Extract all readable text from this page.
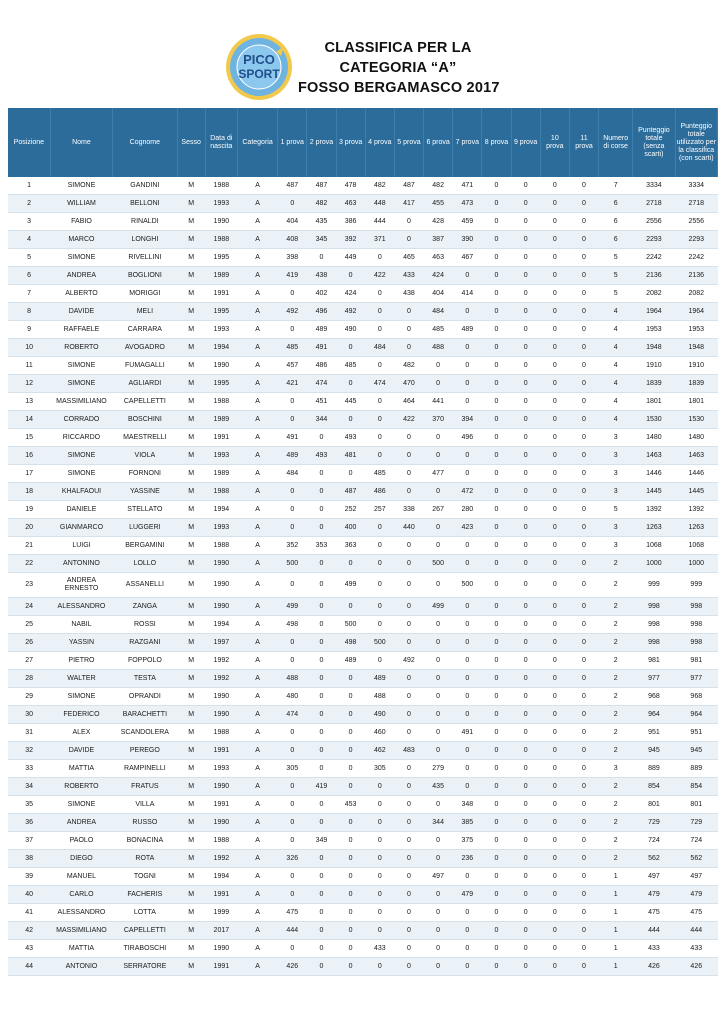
PICO
SPORT
CLASSIFICA PER LA
CATEGORIA “A”
FOSSO BERGAMASCO 2017
Posizione	Nome	Cognome	Sesso	Data di nascita	Categoria	1 prova	2 prova	3 prova	4 prova	5 prova	6 prova	7 prova	8 prova	9 prova	10 prova	11 prova	Numero di corse	Punteggio totale (senza scarti)	Punteggio totale utilizzato per la classifica (con scarti)
1	SIMONE	GANDINI	M	1988	A	487	487	478	482	487	482	471	0	0	0	0	7	3334	3334
2	WILLIAM	BELLONI	M	1993	A	0	482	463	448	417	455	473	0	0	0	0	6	2718	2718
3	FABIO	RINALDI	M	1990	A	404	435	386	444	0	428	459	0	0	0	0	6	2556	2556
4	MARCO	LONGHI	M	1988	A	408	345	392	371	0	387	390	0	0	0	0	6	2293	2293
5	SIMONE	RIVELLINI	M	1995	A	398	0	449	0	465	463	467	0	0	0	0	5	2242	2242
6	ANDREA	BOGLIONI	M	1989	A	419	438	0	422	433	424	0	0	0	0	0	5	2136	2136
7	ALBERTO	MORIGGI	M	1991	A	0	402	424	0	438	404	414	0	0	0	0	5	2082	2082
8	DAVIDE	MELI	M	1995	A	492	496	492	0	0	484	0	0	0	0	0	4	1964	1964
9	RAFFAELE	CARRARA	M	1993	A	0	489	490	0	0	485	489	0	0	0	0	4	1953	1953
10	ROBERTO	AVOGADRO	M	1994	A	485	491	0	484	0	488	0	0	0	0	0	4	1948	1948
11	SIMONE	FUMAGALLI	M	1990	A	457	486	485	0	482	0	0	0	0	0	0	4	1910	1910
12	SIMONE	AGLIARDI	M	1995	A	421	474	0	474	470	0	0	0	0	0	0	4	1839	1839
13	MASSIMILIANO	CAPELLETTI	M	1988	A	0	451	445	0	464	441	0	0	0	0	0	4	1801	1801
14	CORRADO	BOSCHINI	M	1989	A	0	344	0	0	422	370	394	0	0	0	0	4	1530	1530
15	RICCARDO	MAESTRELLI	M	1991	A	491	0	493	0	0	0	496	0	0	0	0	3	1480	1480
16	SIMONE	VIOLA	M	1993	A	489	493	481	0	0	0	0	0	0	0	0	3	1463	1463
17	SIMONE	FORNONI	M	1989	A	484	0	0	485	0	477	0	0	0	0	0	3	1446	1446
18	KHALFAOUI	YASSINE	M	1988	A	0	0	487	486	0	0	472	0	0	0	0	3	1445	1445
19	DANIELE	STELLATO	M	1994	A	0	0	252	257	338	267	280	0	0	0	0	5	1392	1392
20	GIANMARCO	LUGGERI	M	1993	A	0	0	400	0	440	0	423	0	0	0	0	3	1263	1263
21	LUIGI	BERGAMINI	M	1988	A	352	353	363	0	0	0	0	0	0	0	0	3	1068	1068
22	ANTONINO	LOLLO	M	1990	A	500	0	0	0	0	500	0	0	0	0	0	2	1000	1000
23	ANDREA ERNESTO	ASSANELLI	M	1990	A	0	0	499	0	0	0	500	0	0	0	0	2	999	999
24	ALESSANDRO	ZANGA	M	1990	A	499	0	0	0	0	499	0	0	0	0	0	2	998	998
25	NABIL	ROSSI	M	1994	A	498	0	500	0	0	0	0	0	0	0	0	2	998	998
26	YASSIN	RAZGANI	M	1997	A	0	0	498	500	0	0	0	0	0	0	0	2	998	998
27	PIETRO	FOPPOLO	M	1992	A	0	0	489	0	492	0	0	0	0	0	0	2	981	981
28	WALTER	TESTA	M	1992	A	488	0	0	489	0	0	0	0	0	0	0	2	977	977
29	SIMONE	OPRANDI	M	1990	A	480	0	0	488	0	0	0	0	0	0	0	2	968	968
30	FEDERICO	BARACHETTI	M	1990	A	474	0	0	490	0	0	0	0	0	0	0	2	964	964
31	ALEX	SCANDOLERA	M	1988	A	0	0	0	460	0	0	491	0	0	0	0	2	951	951
32	DAVIDE	PEREGO	M	1991	A	0	0	0	462	483	0	0	0	0	0	0	2	945	945
33	MATTIA	RAMPINELLI	M	1993	A	305	0	0	305	0	279	0	0	0	0	0	3	889	889
34	ROBERTO	FRATUS	M	1990	A	0	419	0	0	0	435	0	0	0	0	0	2	854	854
35	SIMONE	VILLA	M	1991	A	0	0	453	0	0	0	348	0	0	0	0	2	801	801
36	ANDREA	RUSSO	M	1990	A	0	0	0	0	0	344	385	0	0	0	0	2	729	729
37	PAOLO	BONACINA	M	1988	A	0	349	0	0	0	0	375	0	0	0	0	2	724	724
38	DIEGO	ROTA	M	1992	A	326	0	0	0	0	0	236	0	0	0	0	2	562	562
39	MANUEL	TOGNI	M	1994	A	0	0	0	0	0	497	0	0	0	0	0	1	497	497
40	CARLO	FACHERIS	M	1991	A	0	0	0	0	0	0	479	0	0	0	0	1	479	479
41	ALESSANDRO	LOTTA	M	1999	A	475	0	0	0	0	0	0	0	0	0	0	1	475	475
42	MASSIMILIANO	CAPELLETTI	M	2017	A	444	0	0	0	0	0	0	0	0	0	0	1	444	444
43	MATTIA	TIRABOSCHI	M	1990	A	0	0	0	433	0	0	0	0	0	0	0	1	433	433
44	ANTONIO	SERRATORE	M	1991	A	426	0	0	0	0	0	0	0	0	0	0	1	426	426
